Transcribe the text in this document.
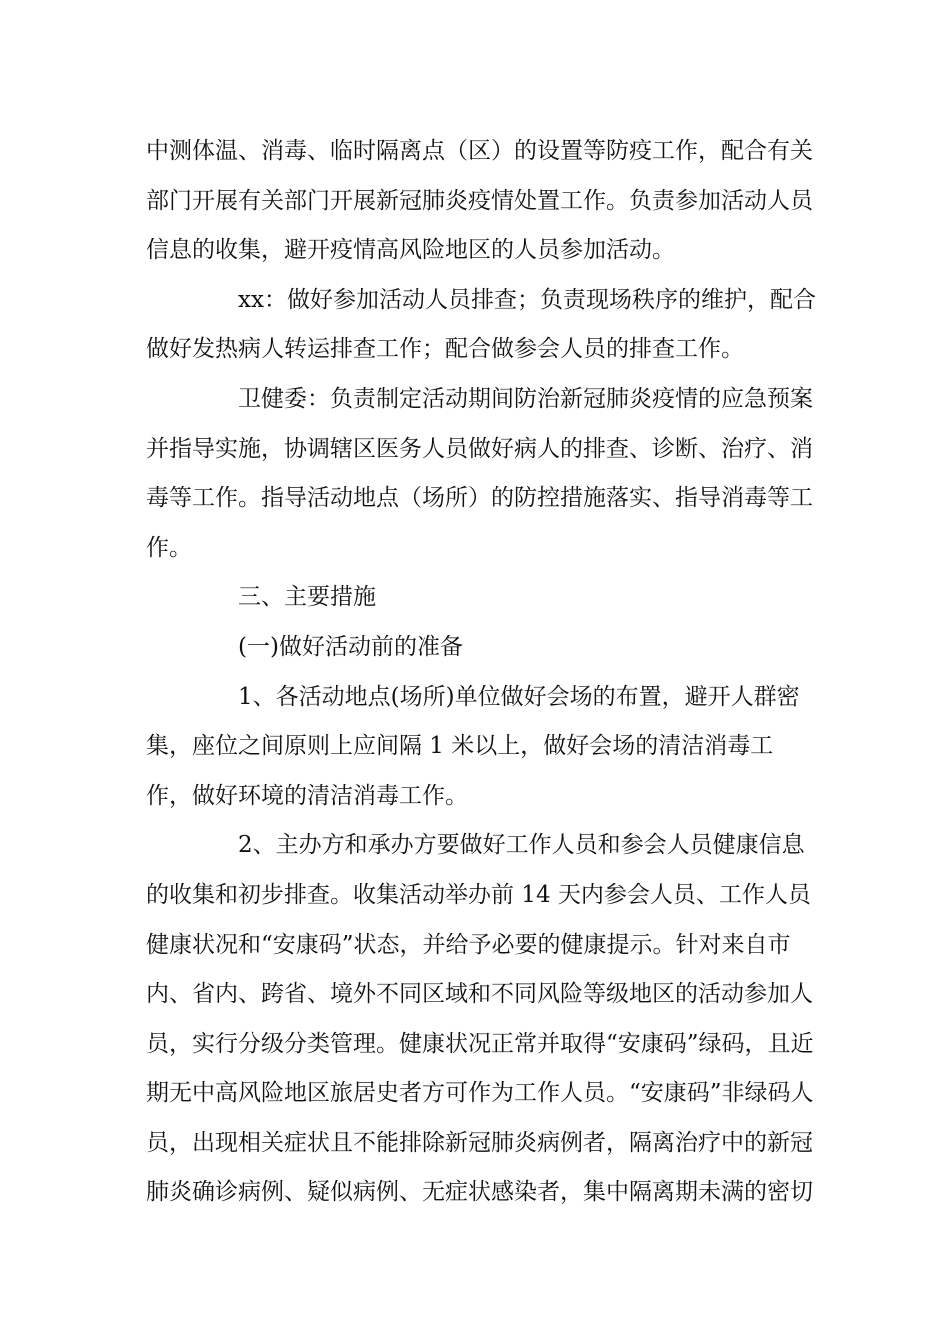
中测体温、消毒、临时隔离点（区）的设置等防疫工作，配合有关部门开展有关部门开展新冠肺炎疫情处置工作。负责参加活动人员信息的收集，避开疫情高风险地区的人员参加活动。

xx：做好参加活动人员排查；负责现场秩序的维护，配合做好发热病人转运排查工作；配合做参会人员的排查工作。

卫健委：负责制定活动期间防治新冠肺炎疫情的应急预案并指导实施，协调辖区医务人员做好病人的排查、诊断、治疗、消毒等工作。指导活动地点（场所）的防控措施落实、指导消毒等工作。

三、主要措施

(一)做好活动前的准备

1、各活动地点(场所)单位做好会场的布置，避开人群密集，座位之间原则上应间隔 1 米以上，做好会场的清洁消毒工作，做好环境的清洁消毒工作。

2、主办方和承办方要做好工作人员和参会人员健康信息的收集和初步排查。收集活动举办前 14 天内参会人员、工作人员健康状况和“安康码”状态，并给予必要的健康提示。针对来自市内、省内、跨省、境外不同区域和不同风险等级地区的活动参加人员，实行分级分类管理。健康状况正常并取得“安康码”绿码，且近期无中高风险地区旅居史者方可作为工作人员。“安康码”非绿码人员，出现相关症状且不能排除新冠肺炎病例者，隔离治疗中的新冠肺炎确诊病例、疑似病例、无症状感染者，集中隔离期未满的密切
